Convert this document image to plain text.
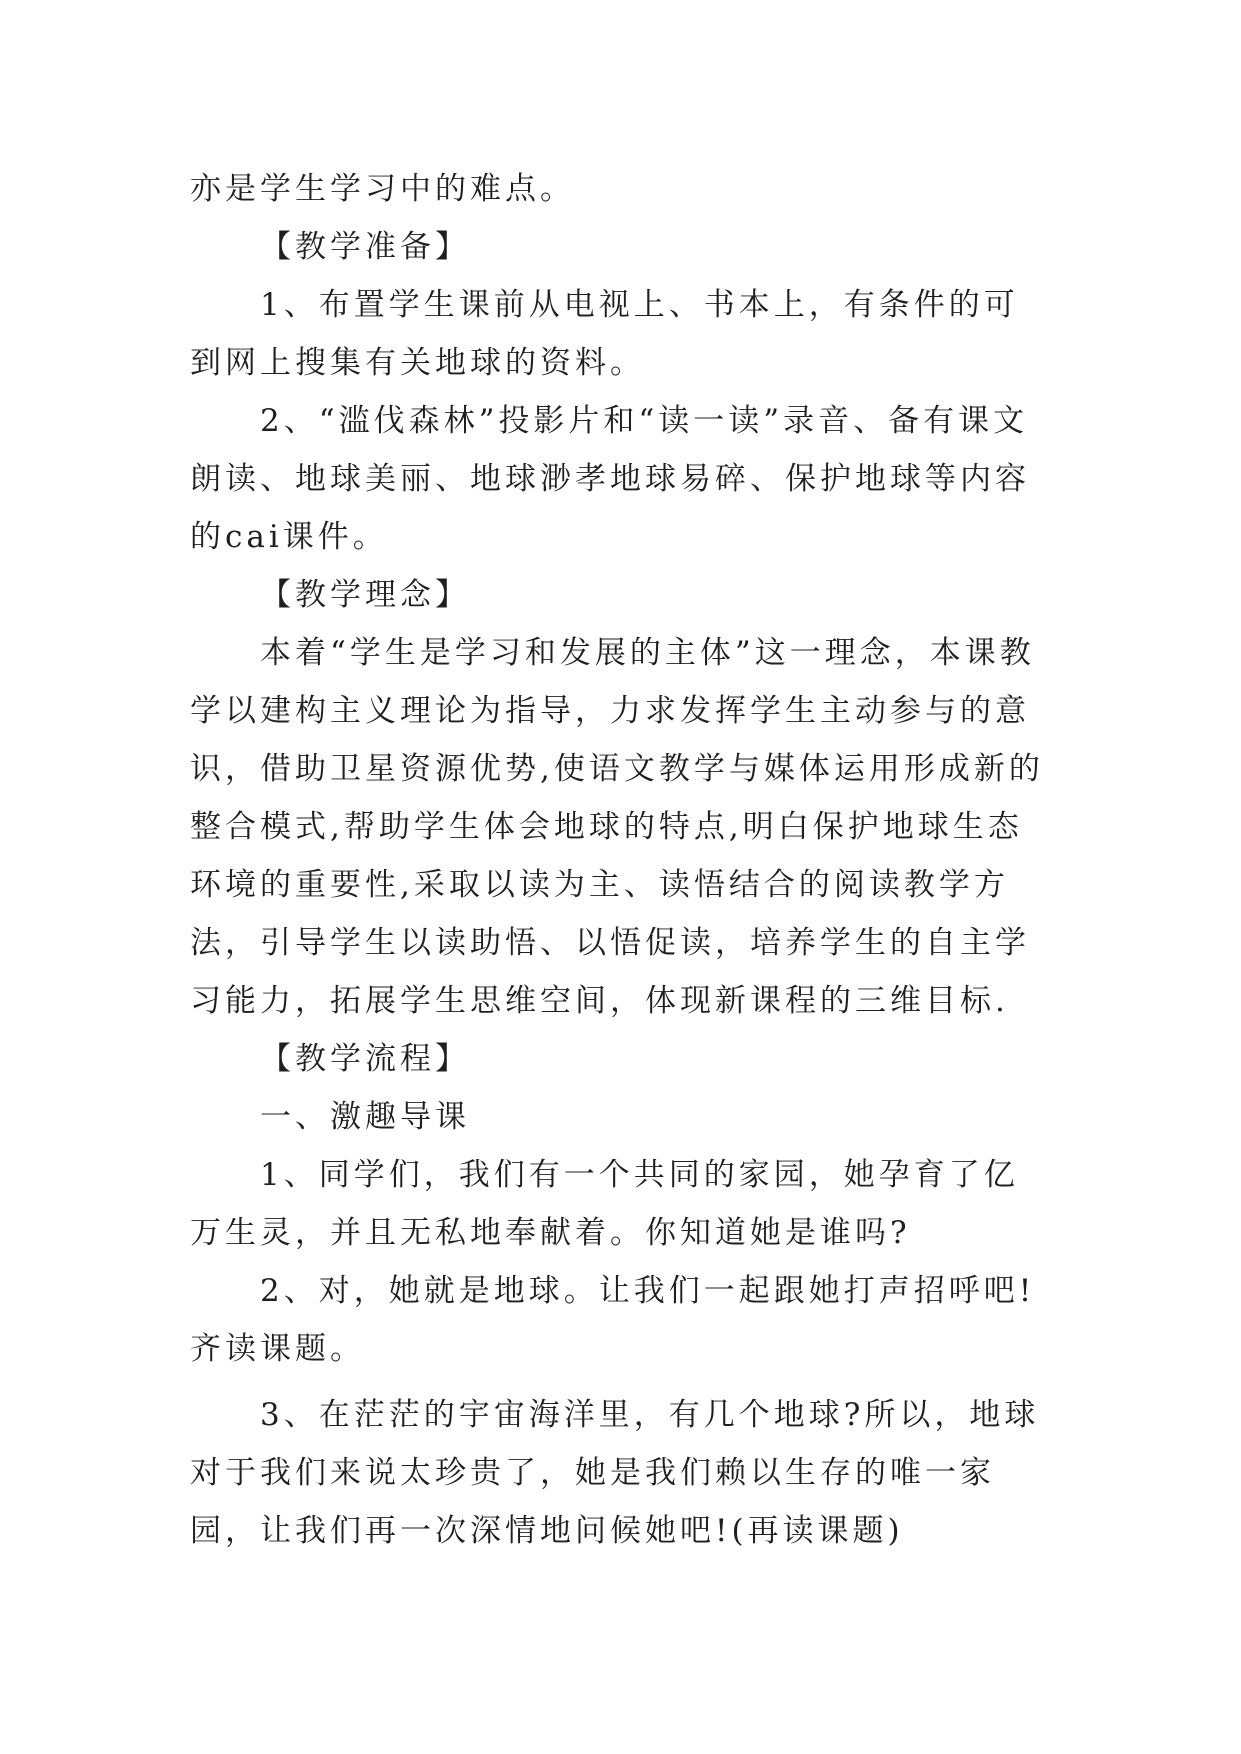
亦是学生学习中的难点。

【教学准备】

1、布置学生课前从电视上、书本上，有条件的可到网上搜集有关地球的资料。

2、“滥伐森林”投影片和“读一读”录音、备有课文朗读、地球美丽、地球渺孝地球易碎、保护地球等内容的cai课件。

【教学理念】

本着“学生是学习和发展的主体”这一理念，本课教学以建构主义理论为指导，力求发挥学生主动参与的意识，借助卫星资源优势,使语文教学与媒体运用形成新的整合模式,帮助学生体会地球的特点,明白保护地球生态环境的重要性,采取以读为主、读悟结合的阅读教学方法，引导学生以读助悟、以悟促读，培养学生的自主学习能力，拓展学生思维空间，体现新课程的三维目标.

【教学流程】

一、激趣导课

1、同学们，我们有一个共同的家园，她孕育了亿万生灵，并且无私地奉献着。你知道她是谁吗?

2、对，她就是地球。让我们一起跟她打声招呼吧!齐读课题。

3、在茫茫的宇宙海洋里，有几个地球?所以，地球对于我们来说太珍贵了，她是我们赖以生存的唯一家园，让我们再一次深情地问候她吧!(再读课题)
